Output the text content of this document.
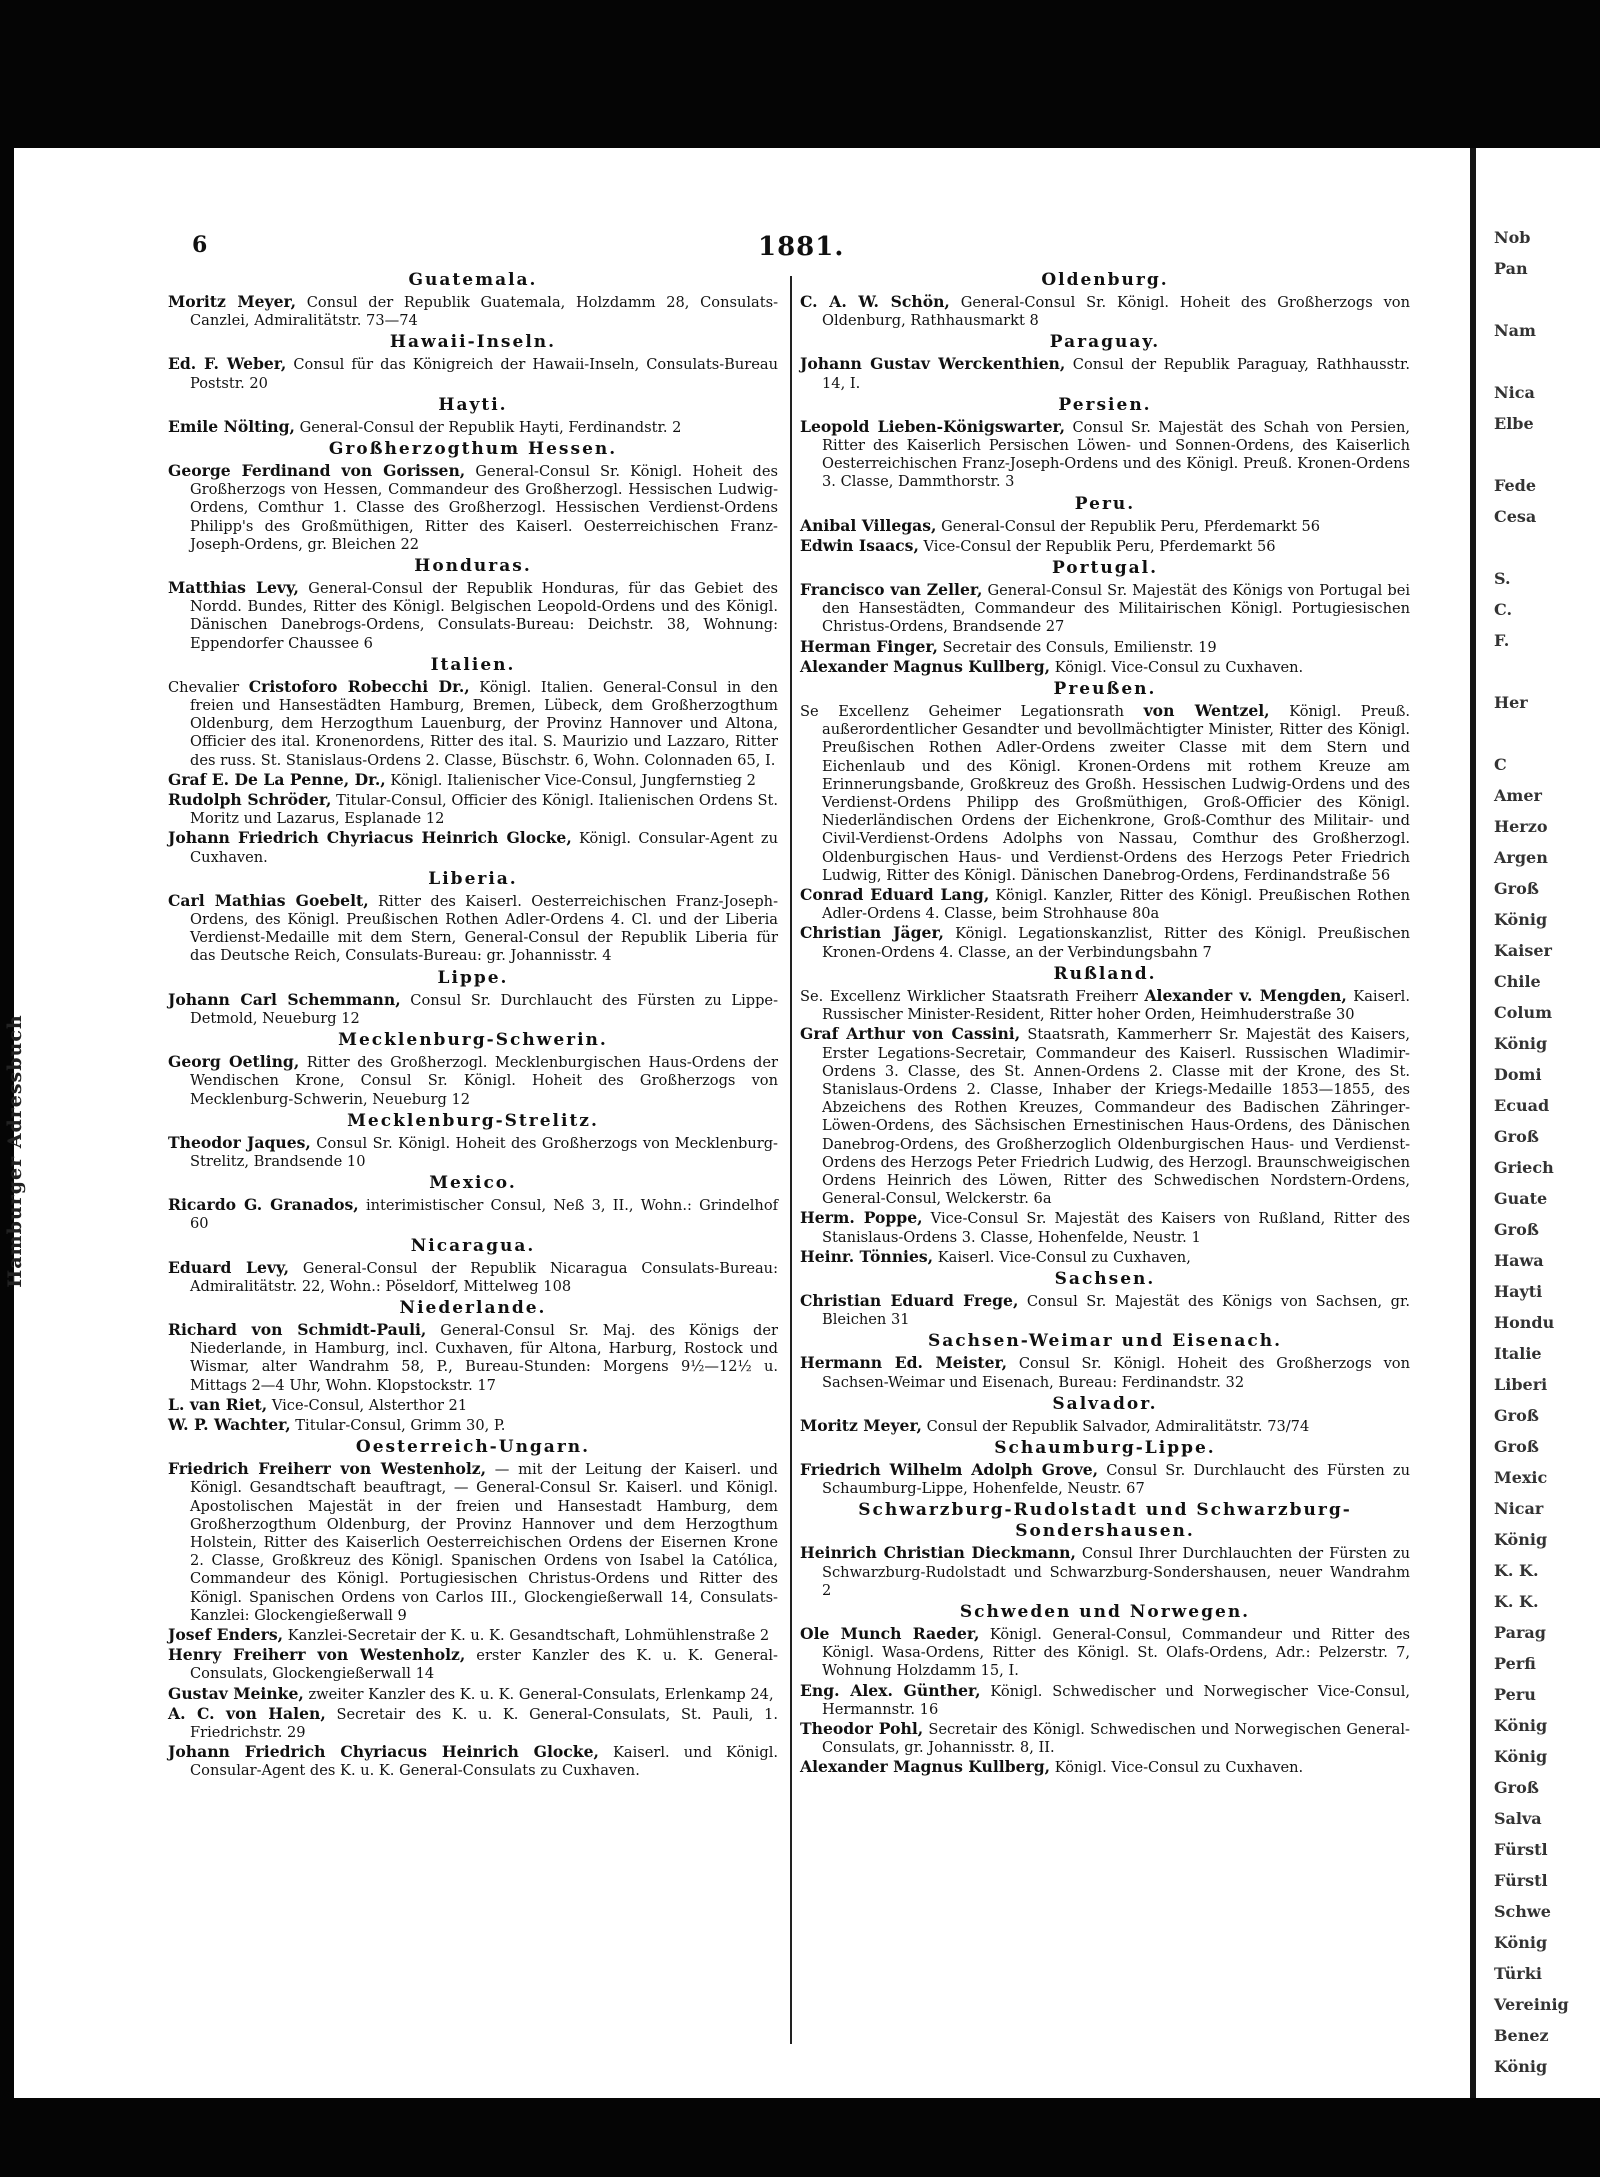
Hamburger Adressbuch
Nob
Pan
Nam
Nica
Elbe
Fede
Cesa
S.
C.
F.
Her
C
Amer
Herzo
Argen
Groß
König
Kaiser
Chile
Colum
König
Domi
Ecuad
Groß
Griech
Guate
Groß
Hawa
Hayti
Hondu
Italie
Liberi
Groß
Groß
Mexic
Nicar
König
K. K.
K. K.
Parag
Perfi
Peru
König
König
Groß
Salva
Fürstl
Fürstl
Schwe
König
Türki
Vereinig
Benez
König
6	1881.
Guatemala.
Moritz Meyer, Consul der Republik Guatemala, Holzdamm 28, Consulats-Canzlei, Admiralitätstr. 73—74
Hawaii-Inseln.
Ed. F. Weber, Consul für das Königreich der Hawaii-Inseln, Consulats-Bureau Poststr. 20
Hayti.
Emile Nölting, General-Consul der Republik Hayti, Ferdinandstr. 2
Großherzogthum Hessen.
George Ferdinand von Gorissen, General-Consul Sr. Königl. Hoheit des Großherzogs von Hessen, Commandeur des Großherzogl. Hessischen Ludwig-Ordens, Comthur 1. Classe des Großherzogl. Hessischen Verdienst-Ordens Philipp's des Großmüthigen, Ritter des Kaiserl. Oesterreichischen Franz-Joseph-Ordens, gr. Bleichen 22
Honduras.
Matthias Levy, General-Consul der Republik Honduras, für das Gebiet des Nordd. Bundes, Ritter des Königl. Belgischen Leopold-Ordens und des Königl. Dänischen Danebrogs-Ordens, Consulats-Bureau: Deichstr. 38, Wohnung: Eppendorfer Chaussee 6
Italien.
Chevalier Cristoforo Robecchi Dr., Königl. Italien. General-Consul in den freien und Hansestädten Hamburg, Bremen, Lübeck, dem Großherzogthum Oldenburg, dem Herzogthum Lauenburg, der Provinz Hannover und Altona, Officier des ital. Kronenordens, Ritter des ital. S. Maurizio und Lazzaro, Ritter des russ. St. Stanislaus-Ordens 2. Classe, Büschstr. 6, Wohn. Colonnaden 65, I.
Graf E. De La Penne, Dr., Königl. Italienischer Vice-Consul, Jungfernstieg 2
Rudolph Schröder, Titular-Consul, Officier des Königl. Italienischen Ordens St. Moritz und Lazarus, Esplanade 12
Johann Friedrich Chyriacus Heinrich Glocke, Königl. Consular-Agent zu Cuxhaven.
Liberia.
Carl Mathias Goebelt, Ritter des Kaiserl. Oesterreichischen Franz-Joseph-Ordens, des Königl. Preußischen Rothen Adler-Ordens 4. Cl. und der Liberia Verdienst-Medaille mit dem Stern, General-Consul der Republik Liberia für das Deutsche Reich, Consulats-Bureau: gr. Johannisstr. 4
Lippe.
Johann Carl Schemmann, Consul Sr. Durchlaucht des Fürsten zu Lippe-Detmold, Neueburg 12
Mecklenburg-Schwerin.
Georg Oetling, Ritter des Großherzogl. Mecklenburgischen Haus-Ordens der Wendischen Krone, Consul Sr. Königl. Hoheit des Großherzogs von Mecklenburg-Schwerin, Neueburg 12
Mecklenburg-Strelitz.
Theodor Jaques, Consul Sr. Königl. Hoheit des Großherzogs von Mecklenburg-Strelitz, Brandsende 10
Mexico.
Ricardo G. Granados, interimistischer Consul, Neß 3, II., Wohn.: Grindelhof 60
Nicaragua.
Eduard Levy, General-Consul der Republik Nicaragua Consulats-Bureau: Admiralitätstr. 22, Wohn.: Pöseldorf, Mittelweg 108
Niederlande.
Richard von Schmidt-Pauli, General-Consul Sr. Maj. des Königs der Niederlande, in Hamburg, incl. Cuxhaven, für Altona, Harburg, Rostock und Wismar, alter Wandrahm 58, P., Bureau-Stunden: Morgens 9½—12½ u. Mittags 2—4 Uhr, Wohn. Klopstockstr. 17
L. van Riet, Vice-Consul, Alsterthor 21
W. P. Wachter, Titular-Consul, Grimm 30, P.
Oesterreich-Ungarn.
Friedrich Freiherr von Westenholz, — mit der Leitung der Kaiserl. und Königl. Gesandtschaft beauftragt, — General-Consul Sr. Kaiserl. und Königl. Apostolischen Majestät in der freien und Hansestadt Hamburg, dem Großherzogthum Oldenburg, der Provinz Hannover und dem Herzogthum Holstein, Ritter des Kaiserlich Oesterreichischen Ordens der Eisernen Krone 2. Classe, Großkreuz des Königl. Spanischen Ordens von Isabel la Católica, Commandeur des Königl. Portugiesischen Christus-Ordens und Ritter des Königl. Spanischen Ordens von Carlos III., Glockengießerwall 14, Consulats-Kanzlei: Glockengießerwall 9
Josef Enders, Kanzlei-Secretair der K. u. K. Gesandtschaft, Lohmühlenstraße 2
Henry Freiherr von Westenholz, erster Kanzler des K. u. K. General-Consulats, Glockengießerwall 14
Gustav Meinke, zweiter Kanzler des K. u. K. General-Consulats, Erlenkamp 24,
A. C. von Halen, Secretair des K. u. K. General-Consulats, St. Pauli, 1. Friedrichstr. 29
Johann Friedrich Chyriacus Heinrich Glocke, Kaiserl. und Königl. Consular-Agent des K. u. K. General-Consulats zu Cuxhaven.
Oldenburg.
C. A. W. Schön, General-Consul Sr. Königl. Hoheit des Großherzogs von Oldenburg, Rathhausmarkt 8
Paraguay.
Johann Gustav Werckenthien, Consul der Republik Paraguay, Rathhausstr. 14, I.
Persien.
Leopold Lieben-Königswarter, Consul Sr. Majestät des Schah von Persien, Ritter des Kaiserlich Persischen Löwen- und Sonnen-Ordens, des Kaiserlich Oesterreichischen Franz-Joseph-Ordens und des Königl. Preuß. Kronen-Ordens 3. Classe, Dammthorstr. 3
Peru.
Anibal Villegas, General-Consul der Republik Peru, Pferdemarkt 56
Edwin Isaacs, Vice-Consul der Republik Peru, Pferdemarkt 56
Portugal.
Francisco van Zeller, General-Consul Sr. Majestät des Königs von Portugal bei den Hansestädten, Commandeur des Militairischen Königl. Portugiesischen Christus-Ordens, Brandsende 27
Herman Finger, Secretair des Consuls, Emilienstr. 19
Alexander Magnus Kullberg, Königl. Vice-Consul zu Cuxhaven.
Preußen.
Se Excellenz Geheimer Legationsrath von Wentzel, Königl. Preuß. außerordentlicher Gesandter und bevollmächtigter Minister, Ritter des Königl. Preußischen Rothen Adler-Ordens zweiter Classe mit dem Stern und Eichenlaub und des Königl. Kronen-Ordens mit rothem Kreuze am Erinnerungsbande, Großkreuz des Großh. Hessischen Ludwig-Ordens und des Verdienst-Ordens Philipp des Großmüthigen, Groß-Officier des Königl. Niederländischen Ordens der Eichenkrone, Groß-Comthur des Militair- und Civil-Verdienst-Ordens Adolphs von Nassau, Comthur des Großherzogl. Oldenburgischen Haus- und Verdienst-Ordens des Herzogs Peter Friedrich Ludwig, Ritter des Königl. Dänischen Danebrog-Ordens, Ferdinandstraße 56
Conrad Eduard Lang, Königl. Kanzler, Ritter des Königl. Preußischen Rothen Adler-Ordens 4. Classe, beim Strohhause 80a
Christian Jäger, Königl. Legationskanzlist, Ritter des Königl. Preußischen Kronen-Ordens 4. Classe, an der Verbindungsbahn 7
Rußland.
Se. Excellenz Wirklicher Staatsrath Freiherr Alexander v. Mengden, Kaiserl. Russischer Minister-Resident, Ritter hoher Orden, Heimhuderstraße 30
Graf Arthur von Cassini, Staatsrath, Kammerherr Sr. Majestät des Kaisers, Erster Legations-Secretair, Commandeur des Kaiserl. Russischen Wladimir-Ordens 3. Classe, des St. Annen-Ordens 2. Classe mit der Krone, des St. Stanislaus-Ordens 2. Classe, Inhaber der Kriegs-Medaille 1853—1855, des Abzeichens des Rothen Kreuzes, Commandeur des Badischen Zähringer-Löwen-Ordens, des Sächsischen Ernestinischen Haus-Ordens, des Dänischen Danebrog-Ordens, des Großherzoglich Oldenburgischen Haus- und Verdienst-Ordens des Herzogs Peter Friedrich Ludwig, des Herzogl. Braunschweigischen Ordens Heinrich des Löwen, Ritter des Schwedischen Nordstern-Ordens, General-Consul, Welckerstr. 6a
Herm. Poppe, Vice-Consul Sr. Majestät des Kaisers von Rußland, Ritter des Stanislaus-Ordens 3. Classe, Hohenfelde, Neustr. 1
Heinr. Tönnies, Kaiserl. Vice-Consul zu Cuxhaven,
Sachsen.
Christian Eduard Frege, Consul Sr. Majestät des Königs von Sachsen, gr. Bleichen 31
Sachsen-Weimar und Eisenach.
Hermann Ed. Meister, Consul Sr. Königl. Hoheit des Großherzogs von Sachsen-Weimar und Eisenach, Bureau: Ferdinandstr. 32
Salvador.
Moritz Meyer, Consul der Republik Salvador, Admiralitätstr. 73/74
Schaumburg-Lippe.
Friedrich Wilhelm Adolph Grove, Consul Sr. Durchlaucht des Fürsten zu Schaumburg-Lippe, Hohenfelde, Neustr. 67
Schwarzburg-Rudolstadt und Schwarzburg-Sondershausen.
Heinrich Christian Dieckmann, Consul Ihrer Durchlauchten der Fürsten zu Schwarzburg-Rudolstadt und Schwarzburg-Sondershausen, neuer Wandrahm 2
Schweden und Norwegen.
Ole Munch Raeder, Königl. General-Consul, Commandeur und Ritter des Königl. Wasa-Ordens, Ritter des Königl. St. Olafs-Ordens, Adr.: Pelzerstr. 7, Wohnung Holzdamm 15, I.
Eng. Alex. Günther, Königl. Schwedischer und Norwegischer Vice-Consul, Hermannstr. 16
Theodor Pohl, Secretair des Königl. Schwedischen und Norwegischen General-Consulats, gr. Johannisstr. 8, II.
Alexander Magnus Kullberg, Königl. Vice-Consul zu Cuxhaven.
